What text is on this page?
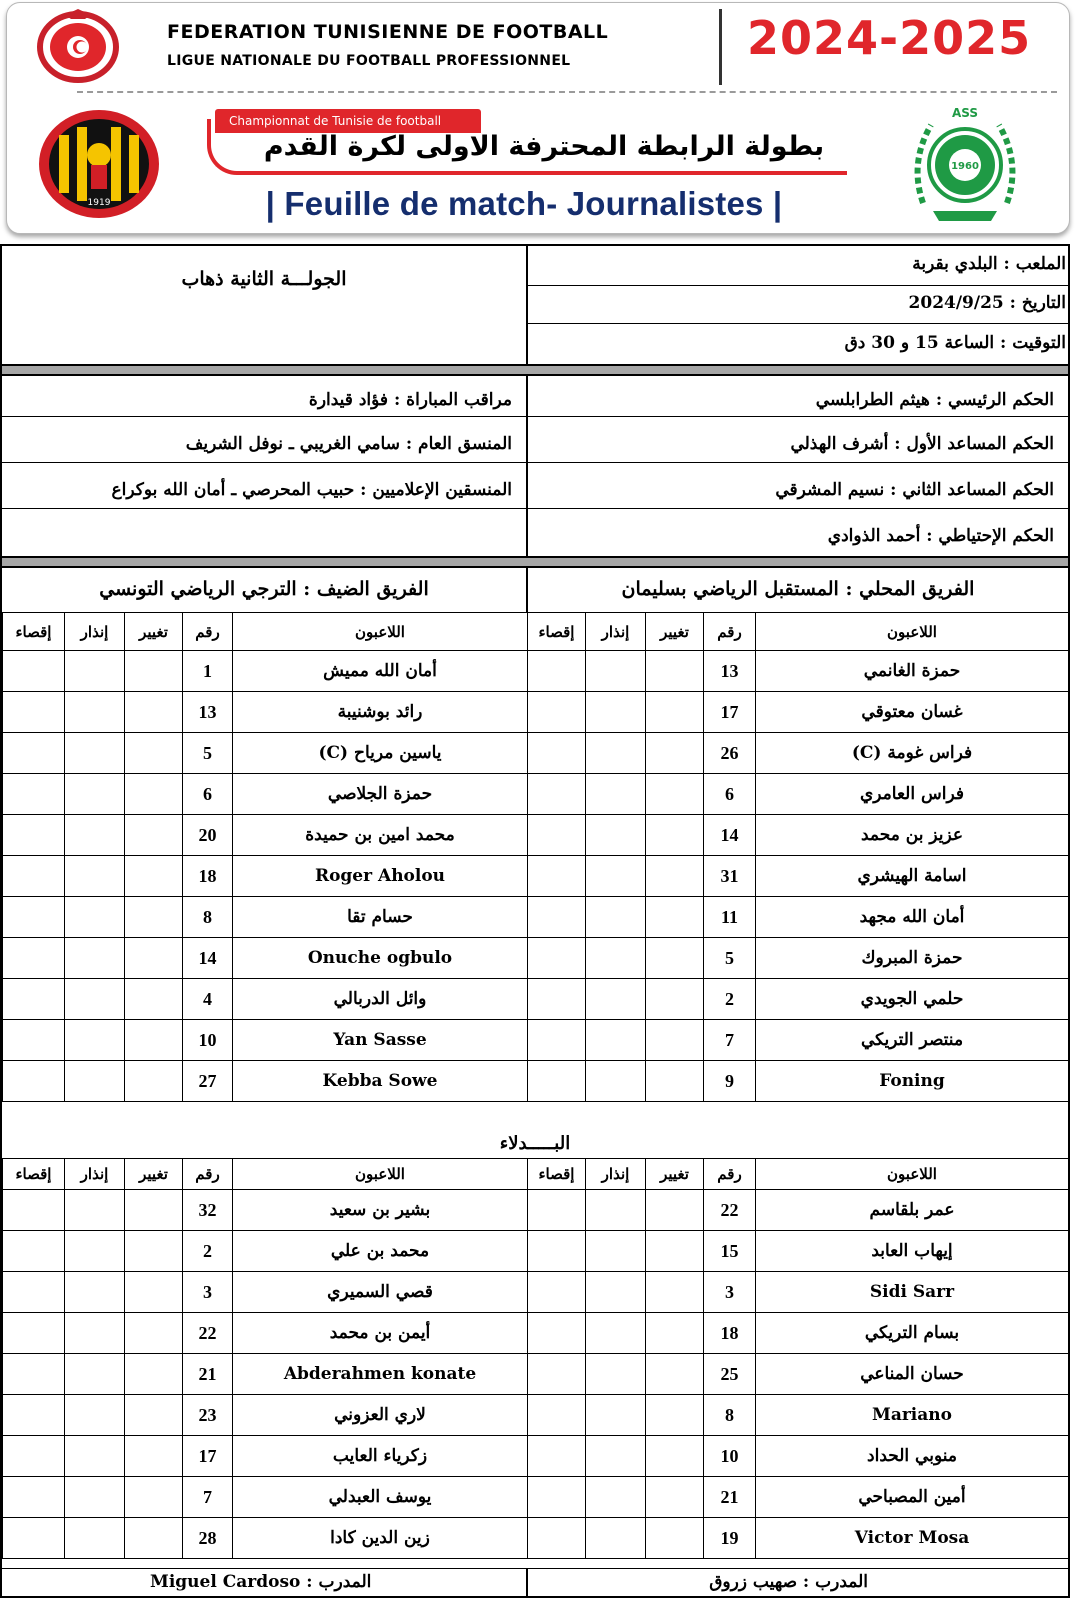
FEDERATION TUNISIENNE DE FOOTBALL
LIGUE NATIONALE DU FOOTBALL PROFESSIONNEL	2024-2025
1919
ASS
1960
Championnat de Tunisie de football
بطولة الرابطة المحترفة الاولى لكرة القدم
| Feuille de match- Journalistes |
الملعب : البلدي بقربة
التاريخ : 2024/9/25
التوقيت : الساعة 15 و 30 دق
الجولـــة الثانية ذهاب
الحكم الرئيسي : هيثم الطرابلسي
الحكم المساعد الأول : أشرف الهذلي
الحكم المساعد الثاني : نسيم المشرقي
الحكم الإحتياطي : أحمد الذوادي
مراقب المباراة : فؤاد قيدارة
المنسق العام : سامي الغريبي ـ نوفل الشريف
المنسقين الإعلاميين : حبيب المحرصي ـ أمان الله بوكراع
الفريق المحلي : المستقبل الرياضي بسليمان
الفريق الضيف : الترجي الرياضي التونسي
إقصاء	إنذار	تغيير	رقم	اللاعبون
			1	أمان الله مميش
			13	رائد بوشنيبة
			5	ياسين مرياح (C)
			6	حمزة الجلاصي
			20	محمد امين بن حميدة
			18	Roger Aholou
			8	حسام تقا
			14	Onuche ogbulo
			4	وائل الدربالي
			10	Yan Sasse
			27	Kebba Sowe
إقصاء	إنذار	تغيير	رقم	اللاعبون
			13	حمزة الغانمي
			17	غسان معتوقي
			26	فراس غومة (C)
			6	فراس العامري
			14	عزيز بن محمد
			31	اسامة الهيشري
			11	أمان الله مجهد
			5	حمزة المبروك
			2	حلمي الجويدي
			7	منتصر التريكي
			9	Foning
البـــــدلاء
إقصاء	إنذار	تغيير	رقم	اللاعبون
			32	بشير بن سعيد
			2	محمد بن علي
			3	قصي السميري
			22	أيمن بن محمد
			21	Abderahmen konate
			23	لاري العزوني
			17	زكرياء العايب
			7	يوسف العبدلي
			28	زين الدين كادا
إقصاء	إنذار	تغيير	رقم	اللاعبون
			22	عمر بلقاسم
			15	إيهاب العابد
			3	Sidi Sarr
			18	بسام التريكي
			25	حسان المناعي
			8	Mariano
			10	منوبي الحداد
			21	أمين المصباحي
			19	Victor Mosa
المدرب : صهيب زروق
Miguel Cardoso المدرب :
